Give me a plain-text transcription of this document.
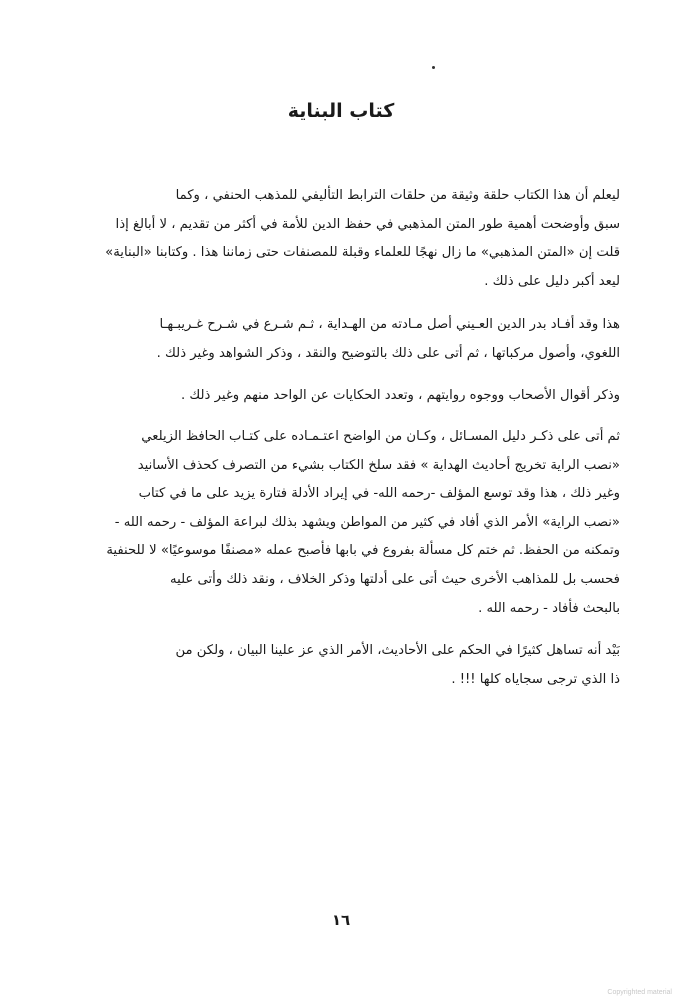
كتاب البناية
ليعلم أن هذا الكتاب حلقة وثيقة من حلقات الترابط التأليفي للمذهب الحنفي ، وكما
سبق وأوضحت أهمية طور المتن المذهبي في حفظ الدين للأمة في أكثر من تقديم ، لا أبالغ إذا
قلت إن «المتن المذهبي» ما زال نهجًا للعلماء وقبلة للمصنفات حتى زماننا هذا . وكتابنا «البناية»
ليعد أكبر دليل على ذلك .
هذا وقد أفـاد بدر الدين العـيني أصل مـادته من الهـداية ، ثـم شـرع في شـرح غـريبـهـا
اللغوي، وأصول مركباتها ، ثم أتى على ذلك بالتوضيح والنقد ، وذكر الشواهد وغير ذلك .
وذكر أقوال الأصحاب ووجوه روايتهم ، وتعدد الحكايات عن الواحد منهم وغير ذلك .
ثم أتى على ذكـر دليل المسـائل ، وكـان من الواضح اعتـمـاده على كتـاب الحافظ الزيلعي
«نصب الراية تخريج أحاديث الهداية » فقد سلخ الكتاب بشيء من التصرف كحذف الأسانيد
وغير ذلك ، هذا وقد توسع المؤلف -رحمه الله- في إيراد الأدلة فتارة يزيد على ما في كتاب
«نصب الراية» الأمر الذي أفاد في كثير من المواطن ويشهد بذلك لبراعة المؤلف - رحمه الله -
وتمكنه من الحفظ. ثم ختم كل مسألة بفروع في بابها فأصبح عمله «مصنفًا موسوعيًا» لا للحنفية
فحسب بل للمذاهب الأخرى حيث أتى على أدلتها وذكر الخلاف ، ونقد ذلك وأتى عليه
بالبحث فأفاد - رحمه الله .
بَيْد أنه تساهل كثيرًا في الحكم على الأحاديث، الأمر الذي عز علينا البيان ، ولكن من
ذا الذي ترجى سجاياه كلها !!! .
١٦
Copyrighted material
